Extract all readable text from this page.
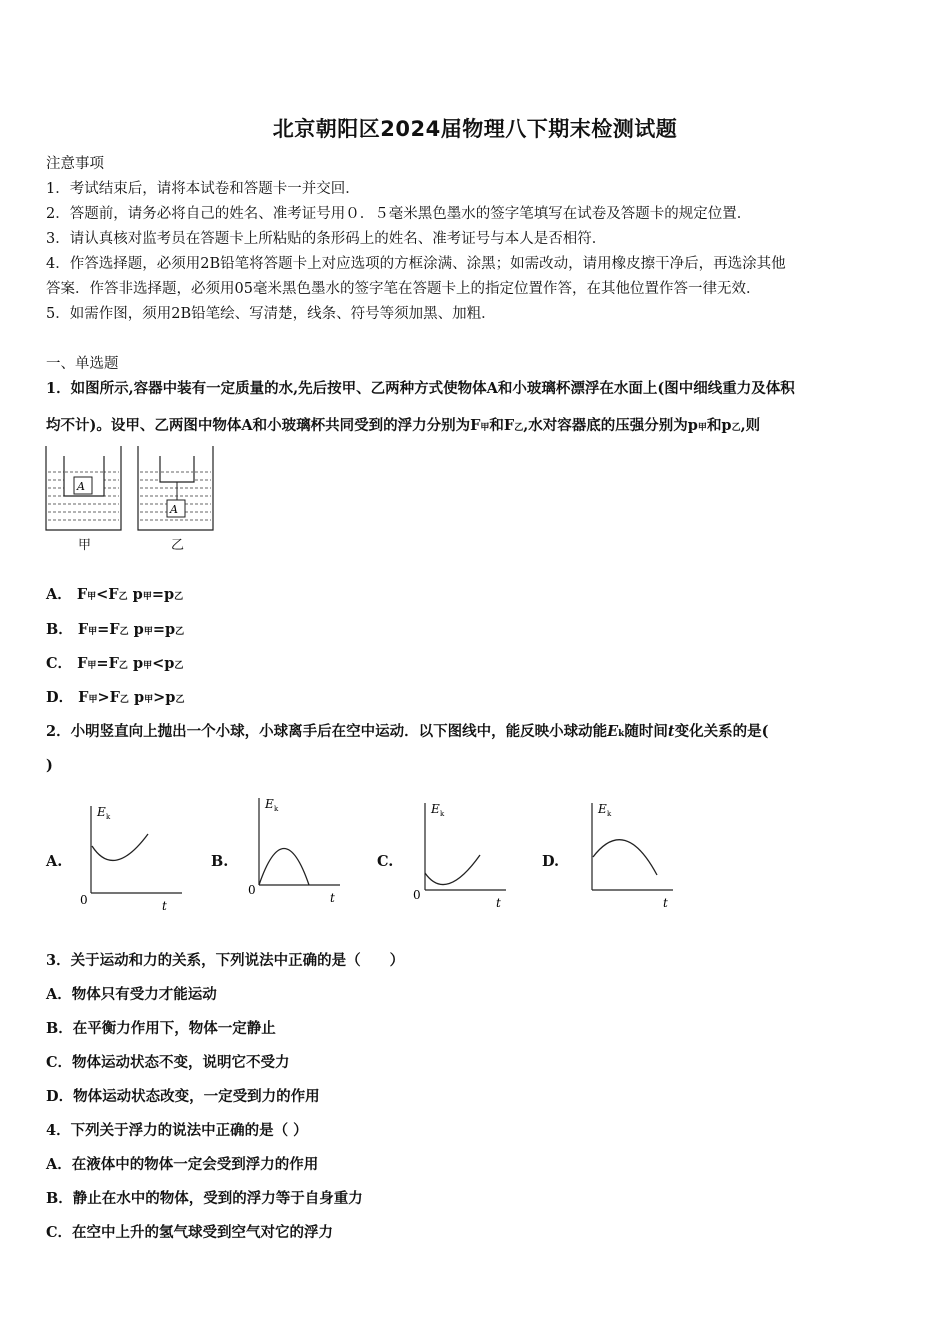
北京朝阳区2024届物理八下期末检测试题
注意事项
1．考试结束后，请将本试卷和答题卡一并交回．
2．答题前，请务必将自己的姓名、准考证号用０．５毫米黑色墨水的签字笔填写在试卷及答题卡的规定位置．
3．请认真核对监考员在答题卡上所粘贴的条形码上的姓名、准考证号与本人是否相符．
4．作答选择题，必须用2B铅笔将答题卡上对应选项的方框涂满、涂黑；如需改动，请用橡皮擦干净后，再选涂其他
答案．作答非选择题，必须用05毫米黑色墨水的签字笔在答题卡上的指定位置作答，在其他位置作答一律无效．
5．如需作图，须用2B铅笔绘、写清楚，线条、符号等须加黑、加粗．
一、单选题
1．如图所示,容器中装有一定质量的水,先后按甲、乙两种方式使物体A和小玻璃杯漂浮在水面上(图中细线重力及体积
均不计)。设甲、乙两图中物体A和小玻璃杯共同受到的浮力分别为F甲和F乙,水对容器底的压强分别为p甲和p乙,则
A
甲
A
乙
A． F甲<F乙 p甲=p乙
B． F甲=F乙 p甲=p乙
C． F甲=F乙 p甲<p乙
D． F甲>F乙 p甲>p乙
2．小明竖直向上抛出一个小球，小球离手后在空中运动．以下图线中，能反映小球动能Ek随时间t变化关系的是(
)
A.
E k
0	t
B.
E k
0
t
C.
E k
0
t
D.
E k
t
3．关于运动和力的关系，下列说法中正确的是（　　）
A．物体只有受力才能运动
B．在平衡力作用下，物体一定静止
C．物体运动状态不变，说明它不受力
D．物体运动状态改变，一定受到力的作用
4．下列关于浮力的说法中正确的是（ ）
A．在液体中的物体一定会受到浮力的作用
B．静止在水中的物体，受到的浮力等于自身重力
C．在空中上升的氢气球受到空气对它的浮力
